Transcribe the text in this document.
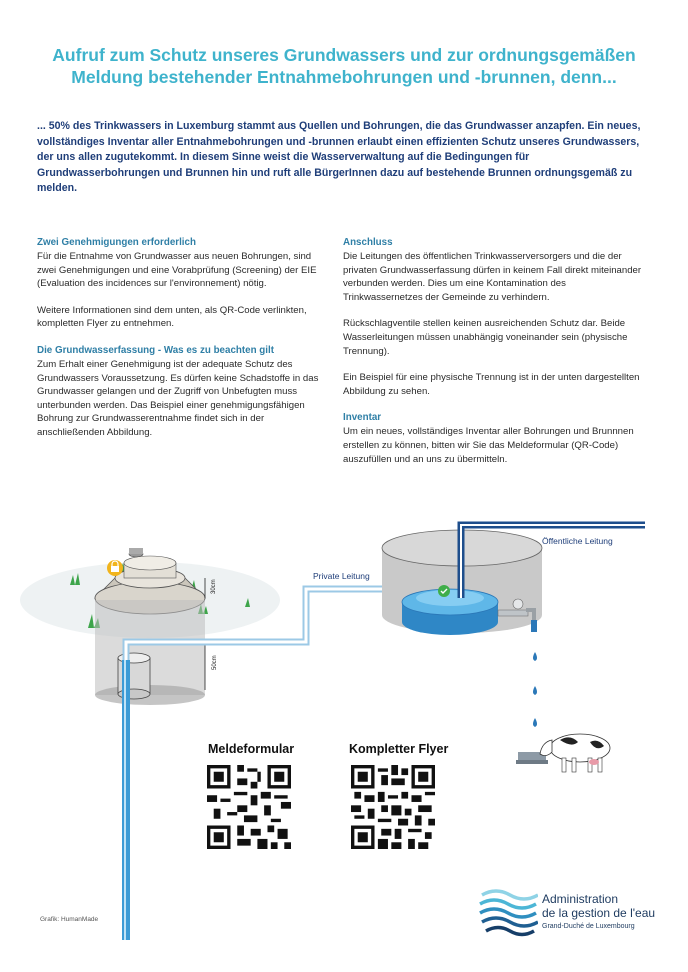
Aufruf zum Schutz unseres Grundwassers und zur ordnungsgemäßen
Meldung bestehender Entnahmebohrungen und -brunnen, denn...

... 50% des Trinkwassers in Luxemburg stammt aus Quellen und Bohrungen, die das Grundwasser anzapfen. Ein neues, vollständiges Inventar aller Entnahmebohrungen und -brunnen erlaubt einen effizienten Schutz unseres Grundwassers, der uns allen zugutekommt. In diesem Sinne weist die Wasserverwaltung auf die Bedingungen für Grundwasserbohrungen und Brunnen hin und ruft alle BürgerInnen dazu auf bestehende Brunnen ordnungsgemäß zu melden.

Zwei Genehmigungen erforderlich

Für die Entnahme von Grundwasser aus neuen Bohrungen, sind zwei Genehmigungen und eine Vorabprüfung (Screening) der EIE (Evaluation des incidences sur l'environnement) nötig.

Weitere Informationen sind dem unten, als QR-Code verlinkten, kompletten Flyer zu entnehmen.

Die Grundwasserfassung - Was es zu beachten gilt

Zum Erhalt einer Genehmigung ist der adequate Schutz des Grundwassers Voraussetzung. Es dürfen keine Schadstoffe in das Grundwasser gelangen und der Zugriff von Unbefugten muss unterbunden werden. Das Beispiel einer genehmigungsfähigen Bohrung zur Grundwasserentnahme findet sich in der anschließenden Abbildung.

Anschluss

Die Leitungen des öffentlichen Trinkwasserversorgers und die der privaten Grundwasserfassung dürfen in keinem Fall direkt miteinander verbunden werden. Dies um eine Kontamination des Trinkwassernetzes der Gemeinde zu verhindern.

Rückschlagventile stellen keinen ausreichenden Schutz dar. Beide Wasserleitungen müssen unabhängig voneinander sein (physische Trennung).

Ein Beispiel für eine physische Trennung ist in der unten dargestellten Abbildung zu sehen.

Inventar

Um ein neues, vollständiges Inventar aller Bohrungen und Brunnnen erstellen zu können, bitten wir Sie das Meldeformular (QR-Code) auszufüllen und an uns zu übermitteln.

30cm
50cm
Private Leitung
Öffentliche Leitung
Meldeformular	Kompletter Flyer
Grafik: HumanMade
Administration
de la gestion de l'eau
Grand-Duché de Luxembourg
